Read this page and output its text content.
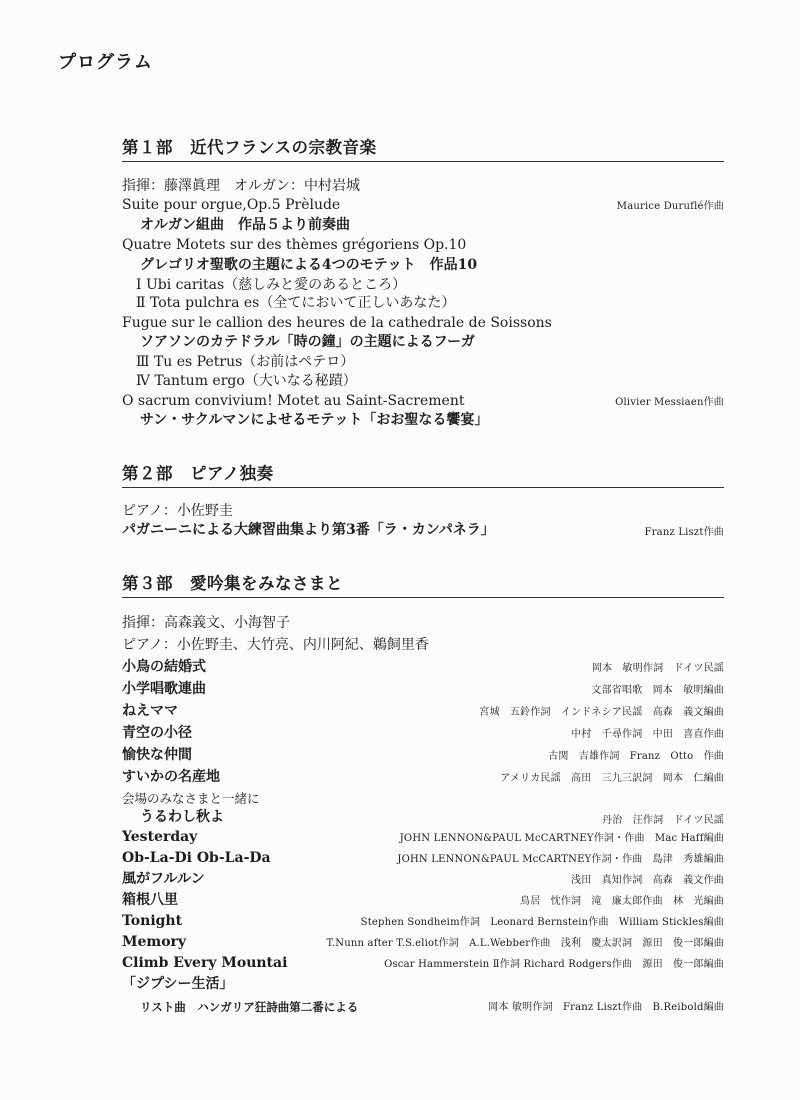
プログラム
第１部　近代フランスの宗教音楽
指揮：藤澤眞理　オルガン：中村岩城
Suite pour orgue,Op.5 Prèlude	Maurice Duruflé作曲
オルガン組曲　作品５より前奏曲
Quatre Motets sur des thèmes grégoriens Op.10
グレゴリオ聖歌の主題による4つのモテット　作品10
Ⅰ Ubi caritas（慈しみと愛のあるところ）
Ⅱ Tota pulchra es（全てにおいて正しいあなた）
Fugue sur le callion des heures de la cathedrale de Soissons
ソアソンのカテドラル「時の鐘」の主題によるフーガ
Ⅲ Tu es Petrus（お前はペテロ）
Ⅳ Tantum ergo（大いなる秘蹟）
O sacrum convivium! Motet au Saint-Sacrement	Olivier Messiaen作曲
サン・サクルマンによせるモテット「おお聖なる饗宴」
第２部　ピアノ独奏
ピアノ：小佐野圭
パガニーニによる大練習曲集より第3番「ラ・カンパネラ」	Franz Liszt作曲
第３部　愛吟集をみなさまと
指揮：高森義文、小海智子
ピアノ：小佐野圭、大竹亮、内川阿紀、鵜飼里香
小鳥の結婚式	岡本　敏明作詞　ドイツ民謡
小学唱歌連曲	文部省唱歌　岡本　敏明編曲
ねえママ	宮城　五鈴作詞　インドネシア民謡　高森　義文編曲
青空の小径	中村　千尋作詞　中田　喜直作曲
愉快な仲間	古関　吉雄作詞　Franz　Otto　作曲
すいかの名産地	アメリカ民謡　高田　三九三訳詞　岡本　仁編曲
会場のみなさまと一緒に
うるわし秋よ	丹治　汪作詞　ドイツ民謡
Yesterday	JOHN LENNON&PAUL McCARTNEY作詞・作曲　Mac Haff編曲
Ob-La-Di Ob-La-Da	JOHN LENNON&PAUL McCARTNEY作詞・作曲　島津　秀雄編曲
風がフルルン	浅田　真知作詞　高森　義文作曲
箱根八里	鳥居　忱作詞　滝　廉太郎作曲　林　光編曲
Tonight	Stephen Sondheim作詞　Leonard Bernstein作曲　William Stickles編曲
Memory	T.Nunn after T.S.eliot作詞　A.L.Webber作曲　浅利　慶太訳詞　源田　俊一郎編曲
Climb Every Mountai	Oscar Hammerstein Ⅱ作詞 Richard Rodgers作曲　源田　俊一郎編曲
「ジプシー生活」
リスト曲　ハンガリア狂詩曲第二番による	岡本 敏明作詞　Franz Liszt作曲　B.Reibold編曲
